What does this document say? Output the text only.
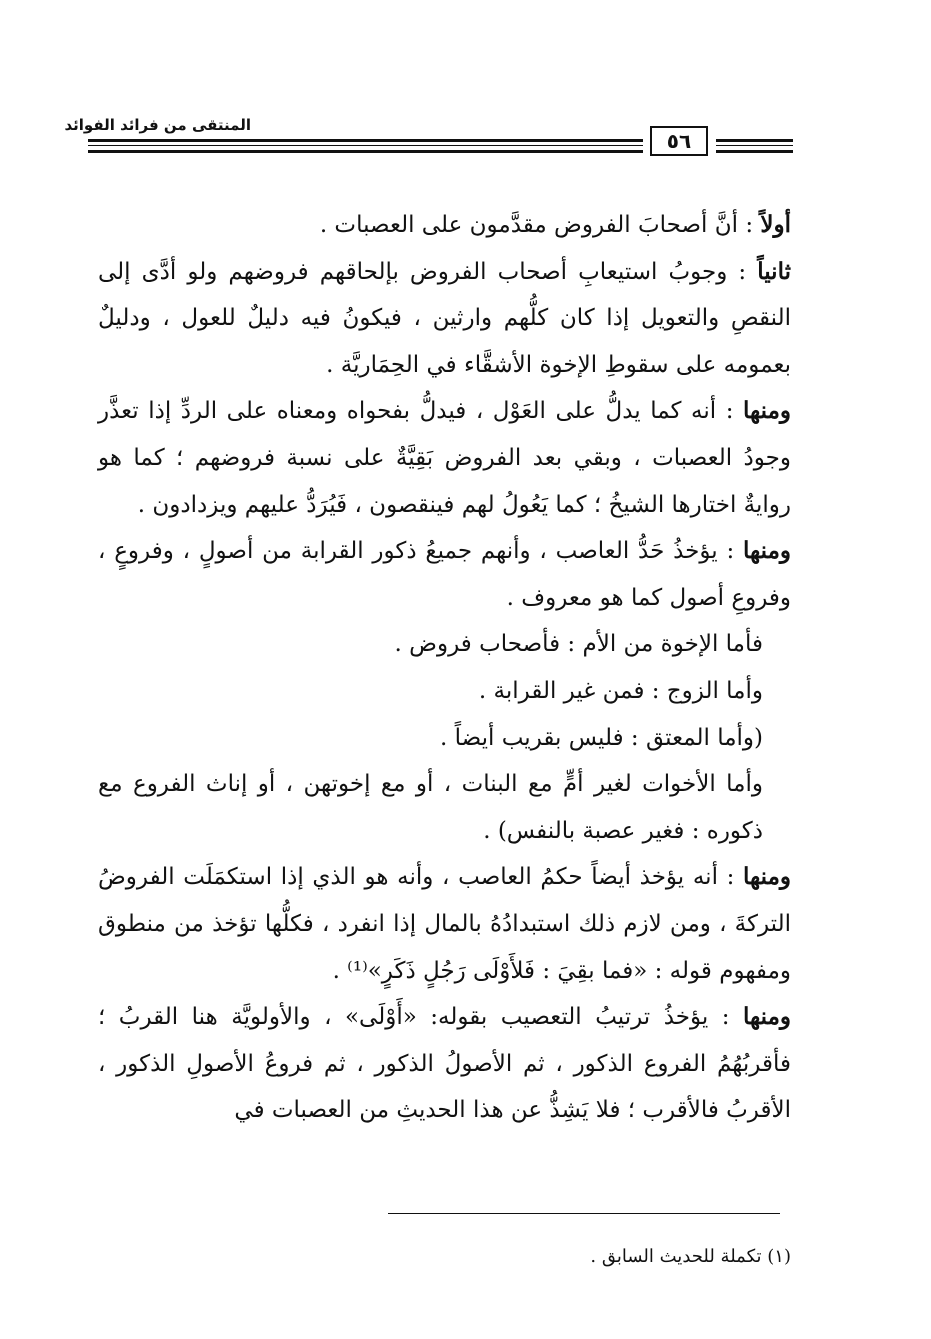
المنتقى من فرائد الفوائد
٥٦

أولاً : أنَّ أصحابَ الفروض مقدَّمون على العصبات .

ثانياً : وجوبُ استيعابِ أصحاب الفروض بإلحاقهم فروضهم ولو أدَّى إلى النقصِ والتعويل إذا كان كلُّهم وارثين ، فيكونُ فيه دليلٌ للعول ، ودليلٌ بعمومه على سقوطِ الإخوة الأشقَّاء في الحِمَاريَّة .

ومنها : أنه كما يدلُّ على العَوْل ، فيدلُّ بفحواه ومعناه على الردِّ إذا تعذَّر وجودُ العصبات ، وبقي بعد الفروض بَقِيَّةٌ على نسبة فروضهم ؛ كما هو روايةٌ اختارها الشيخُ ؛ كما يَعُولُ لهم فينقصون ، فَيُرَدُّ عليهم ويزدادون .

ومنها : يؤخذُ حَدُّ العاصب ، وأنهم جميعُ ذكور القرابة من أصولٍ ، وفروعٍ ، وفروعِ أصول كما هو معروف .

فأما الإخوة من الأم : فأصحاب فروض .

وأما الزوج : فمن غير القرابة .

(وأما المعتق : فليس بقريب أيضاً .

وأما الأخوات لغير أمٍّ مع البنات ، أو مع إخوتهن ، أو إناث الفروع مع ذكوره : فغير عصبة بالنفس) .

ومنها : أنه يؤخذ أيضاً حكمُ العاصب ، وأنه هو الذي إذا استكمَلَت الفروضُ التركةَ ، ومن لازم ذلك استبدادُهُ بالمال إذا انفرد ، فكلُّها تؤخذ من منطوق ومفهوم قوله : «فما بقِيَ : فَلأَوْلَى رَجُلٍ ذَكَرٍ»⁽¹⁾ .

ومنها : يؤخذُ ترتيبُ التعصيب بقوله: «أَوْلَى» ، والأولويَّة هنا القربُ ؛ فأقربُهُمُ الفروع الذكور ، ثم الأصولُ الذكور ، ثم فروعُ الأصولِ الذكور ، الأقربُ فالأقرب ؛ فلا يَشِذُّ عن هذا الحديثِ من العصبات في

(١) تكملة للحديث السابق .
